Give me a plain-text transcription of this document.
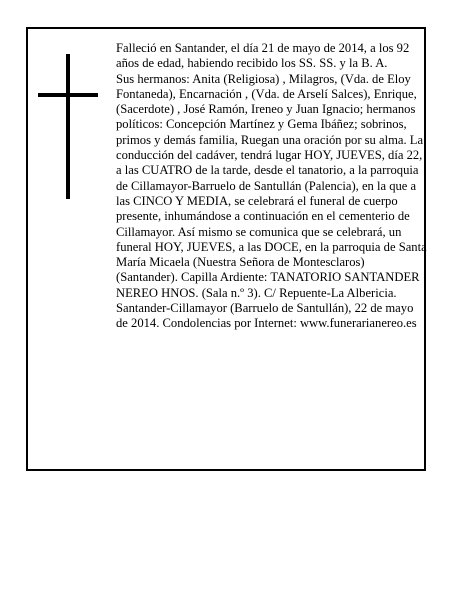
Falleció en Santander, el día 21 de mayo de 2014, a los 92 años de edad, habiendo recibido los SS. SS. y la B. A.

Sus hermanos: Anita (Religiosa) , Milagros, (Vda. de Eloy Fontaneda), Encarnación , (Vda. de Arselí Salces), Enrique, (Sacerdote) , José Ramón, Ireneo y Juan Ignacio; hermanos políticos: Concepción Martínez y Gema Ibáñez; sobrinos, primos y demás familia, Ruegan una oración por su alma. La conducción del cadáver, tendrá lugar HOY, JUEVES, día 22, a las CUATRO de la tarde, desde el tanatorio, a la parroquia de Cillamayor-Barruelo de Santullán (Palencia), en la que a las CINCO Y MEDIA, se celebrará el funeral de cuerpo presente, inhumándose a continuación en el cementerio de Cillamayor. Así mismo se comunica que se celebrará, un funeral HOY, JUEVES, a las DOCE, en la parroquia de Santa María Micaela (Nuestra Señora de Montesclaros) (Santander). Capilla Ardiente: TANATORIO SANTANDER NEREO HNOS. (Sala n.º 3). C/ Repuente-La Albericia.

Santander-Cillamayor (Barruelo de Santullán), 22 de mayo de 2014. Condolencias por Internet: www.funerarianereo.es
